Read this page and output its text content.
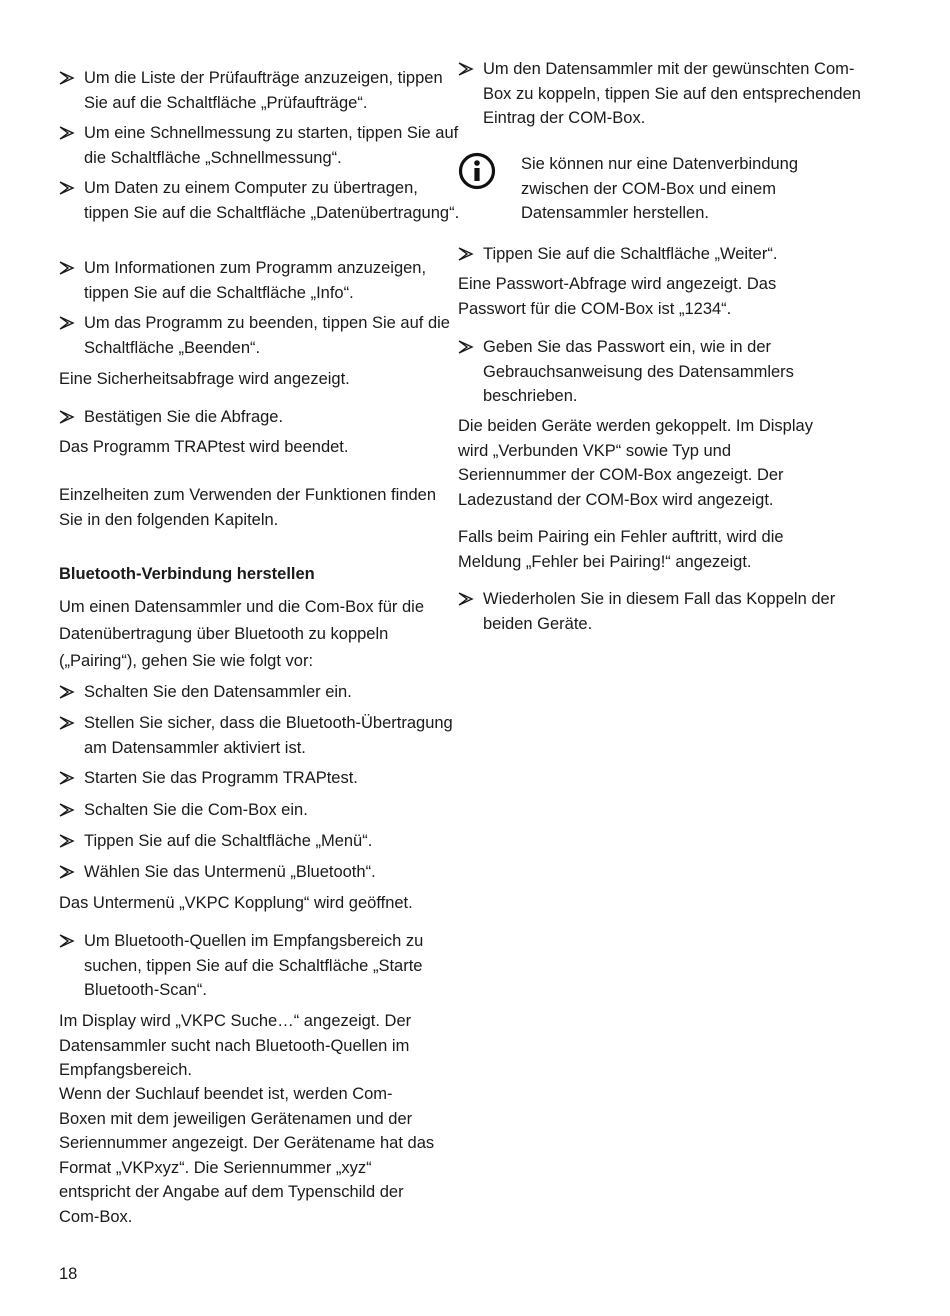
Um die Liste der Prüfaufträge anzuzeigen, tippen Sie auf die Schaltfläche „Prüfaufträge“.
Um eine Schnellmessung zu starten, tippen Sie auf die Schaltfläche „Schnellmessung“.
Um Daten zu einem Computer zu übertragen, tippen Sie auf die Schaltfläche „Datenübertragung“.
Um Informationen zum Programm anzuzeigen, tippen Sie auf die Schaltfläche „Info“.
Um das Programm zu beenden, tippen Sie auf die Schaltfläche „Beenden“.
Eine Sicherheitsabfrage wird angezeigt.
Bestätigen Sie die Abfrage.
Das Programm TRAPtest wird beendet.
Einzelheiten zum Verwenden der Funktionen finden Sie in den folgenden Kapiteln.
Bluetooth-Verbindung herstellen
Um einen Datensammler und die Com-Box für die Datenübertragung über Bluetooth zu koppeln („Pairing“), gehen Sie wie folgt vor:
Schalten Sie den Datensammler ein.
Stellen Sie sicher, dass die Bluetooth-Übertragung am Datensammler aktiviert ist.
Starten Sie das Programm TRAPtest.
Schalten Sie die Com-Box ein.
Tippen Sie auf die Schaltfläche „Menü“.
Wählen Sie das Untermenü „Bluetooth“.
Das Untermenü „VKPC Kopplung“ wird geöffnet.
Um Bluetooth-Quellen im Empfangsbereich zu suchen, tippen Sie auf die Schaltfläche „Starte Bluetooth-Scan“.
Im Display wird „VKPC Suche…“ angezeigt. Der Datensammler sucht nach Bluetooth-Quellen im Empfangsbereich.
Wenn der Suchlauf beendet ist, werden Com-Boxen mit dem jeweiligen Gerätenamen und der Seriennummer angezeigt. Der Gerätename hat das Format „VKPxyz“. Die Seriennummer „xyz“ entspricht der Angabe auf dem Typenschild der Com-Box.
Um den Datensammler mit der gewünschten Com-Box zu koppeln, tippen Sie auf den entsprechenden Eintrag der COM-Box.
Sie können nur eine Datenverbindung zwischen der COM-Box und einem Datensammler herstellen.
Tippen Sie auf die Schaltfläche „Weiter“.
Eine Passwort-Abfrage wird angezeigt. Das Passwort für die COM-Box ist „1234“.
Geben Sie das Passwort ein, wie in der Gebrauchsanweisung des Datensammlers beschrieben.
Die beiden Geräte werden gekoppelt. Im Display wird „Verbunden VKP“ sowie Typ und Seriennummer der COM-Box angezeigt. Der Ladezustand der COM-Box wird angezeigt.
Falls beim Pairing ein Fehler auftritt, wird die Meldung „Fehler bei Pairing!“ angezeigt.
Wiederholen Sie in diesem Fall das Koppeln der beiden Geräte.
18
